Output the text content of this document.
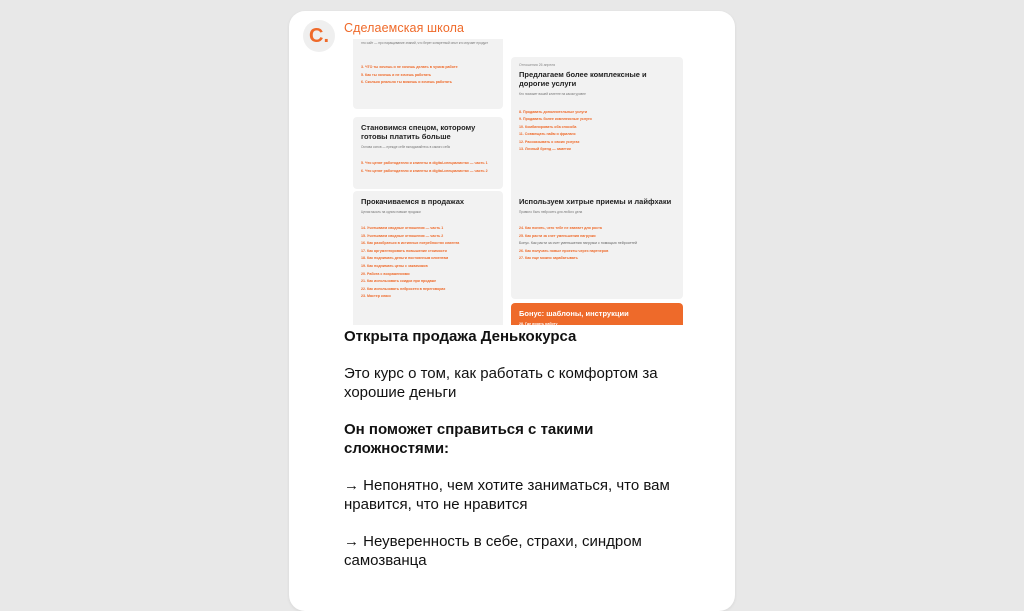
С. Сделаемская школа

это сайт — про наращивание знаний, что берет конкретный опыт кто изучает продукт

3. ЧТО ты хочешь и не хочешь делать в чужом работе
5. Как ты хочешь и не хочешь работать
6. Сколько реально ты можешь и хочешь работать
Отношения 26 апреля
Предлагаем более комплексные и дорогие услуги

Кто поможет вашей клиенте на каком уровне

8. Продавать дополнительные услуги
9. Продавать более комплексные услуги
10. Комбинировать оба способа
11. Совмещать найм и фриланс
12. Рассказывать о своих услугах
13. Личный бренд — заметки
Становимся спецом, которому готовы платить больше

Основа основ — прежде себе вкладывайтесь в самого себя

5. Что ценят работодатели и клиенты в digital-специалистах — часть 1
6. Что ценят работодатели и клиенты в digital-специалистах — часть 2
Прокачиваемся в продажах

Целая мысль на одном навыке продажи

14. Учитываем сводные отношения — часть 1
15. Учитываем сводные отношения — часть 2
16. Как разобраться в истинных потребностях клиента
17. Как аргументировать повышение стоимости
18. Как поднимать деньги постоянным клиентам
19. Как поднимать цены с заказчиков
20. Работа с возражениями
21. Как использовать скидки при продаже
22. Как использовать нейросети в переговорах
23. Мастер класс
Используем хитрые приемы и лайфхаки

Правило быть нейросеть для любого дела

24. Как понять, чего тебе не хватает для роста
25. Как расти за счет уменьшения нагрузки
Бонус. Как расти за счет уменьшения нагрузки с помощью нейросетей
26. Как получать новые проекты через партнеров
27. Как еще можно зарабатывать
Бонус: шаблоны, инструкции
28. Где искать работу

Открыта продажа Денькокурса

Это курс о том, как работать с комфортом за хорошие деньги

Он поможет справиться с такими сложностями:

→ Непонятно, чем хотите заниматься, что вам нравится, что не нравится

→ Неуверенность в себе, страхи, синдром самозванца
